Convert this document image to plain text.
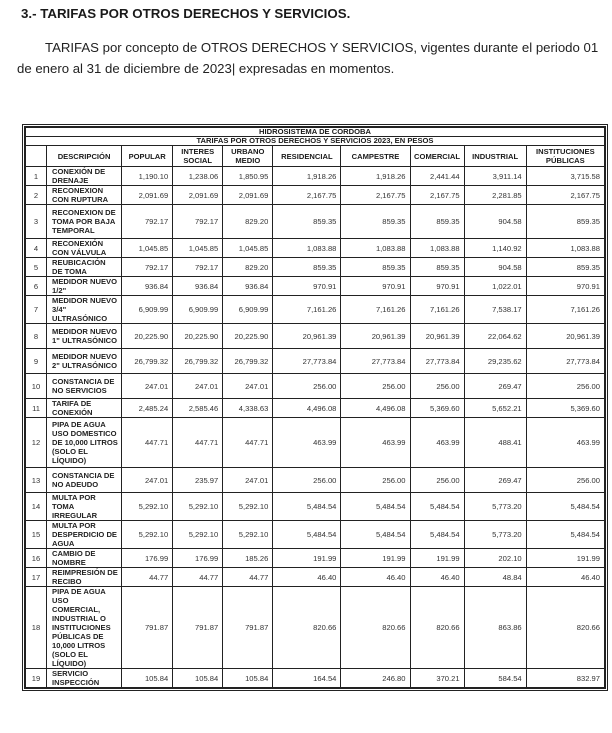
3.- TARIFAS POR OTROS DERECHOS Y SERVICIOS.
TARIFAS por concepto de OTROS DERECHOS Y SERVICIOS, vigentes durante el periodo 01 de enero al 31 de diciembre de 2023| expresadas en momentos.
HIDROSISTEMA DE CORDOBA									
TARIFAS POR OTROS DERECHOS Y SERVICIOS 2023, EN PESOS									
	DESCRIPCIÓN	POPULAR	INTERES SOCIAL	URBANO MEDIO	RESIDENCIAL	CAMPESTRE	COMERCIAL	INDUSTRIAL	INSTITUCIONES PÚBLICAS
1	CONEXIÓN DE DRENAJE	1,190.10	1,238.06	1,850.95	1,918.26	1,918.26	2,441.44	3,911.14	3,715.58
2	RECONEXION CON RUPTURA	2,091.69	2,091.69	2,091.69	2,167.75	2,167.75	2,167.75	2,281.85	2,167.75
3	RECONEXION DE TOMA POR BAJA TEMPORAL	792.17	792.17	829.20	859.35	859.35	859.35	904.58	859.35
4	RECONEXIÓN CON VÁLVULA	1,045.85	1,045.85	1,045.85	1,083.88	1,083.88	1,083.88	1,140.92	1,083.88
5	REUBICACIÓN DE TOMA	792.17	792.17	829.20	859.35	859.35	859.35	904.58	859.35
6	MEDIDOR NUEVO 1/2"	936.84	936.84	936.84	970.91	970.91	970.91	1,022.01	970.91
7	MEDIDOR NUEVO 3/4" ULTRASÓNICO	6,909.99	6,909.99	6,909.99	7,161.26	7,161.26	7,161.26	7,538.17	7,161.26
8	MEDIDOR NUEVO 1" ULTRASÓNICO	20,225.90	20,225.90	20,225.90	20,961.39	20,961.39	20,961.39	22,064.62	20,961.39
9	MEDIDOR NUEVO 2" ULTRASÓNICO	26,799.32	26,799.32	26,799.32	27,773.84	27,773.84	27,773.84	29,235.62	27,773.84
10	CONSTANCIA DE NO SERVICIOS	247.01	247.01	247.01	256.00	256.00	256.00	269.47	256.00
11	TARIFA DE CONEXIÓN	2,485.24	2,585.46	4,338.63	4,496.08	4,496.08	5,369.60	5,652.21	5,369.60
12	PIPA DE AGUA USO DOMESTICO DE 10,000 LITROS (SOLO EL LÍQUIDO)	447.71	447.71	447.71	463.99	463.99	463.99	488.41	463.99
13	CONSTANCIA DE NO ADEUDO	247.01	235.97	247.01	256.00	256.00	256.00	269.47	256.00
14	MULTA POR TOMA IRREGULAR	5,292.10	5,292.10	5,292.10	5,484.54	5,484.54	5,484.54	5,773.20	5,484.54
15	MULTA POR DESPERDICIO DE AGUA	5,292.10	5,292.10	5,292.10	5,484.54	5,484.54	5,484.54	5,773.20	5,484.54
16	CAMBIO DE NOMBRE	176.99	176.99	185.26	191.99	191.99	191.99	202.10	191.99
17	REIMPRESIÓN DE RECIBO	44.77	44.77	44.77	46.40	46.40	46.40	48.84	46.40
18	PIPA DE AGUA USO COMERCIAL, INDUSTRIAL O INSTITUCIONES PÚBLICAS DE 10,000 LITROS (SOLO EL LÍQUIDO)	791.87	791.87	791.87	820.66	820.66	820.66	863.86	820.66
19	SERVICIO INSPECCIÓN	105.84	105.84	105.84	164.54	246.80	370.21	584.54	832.97
